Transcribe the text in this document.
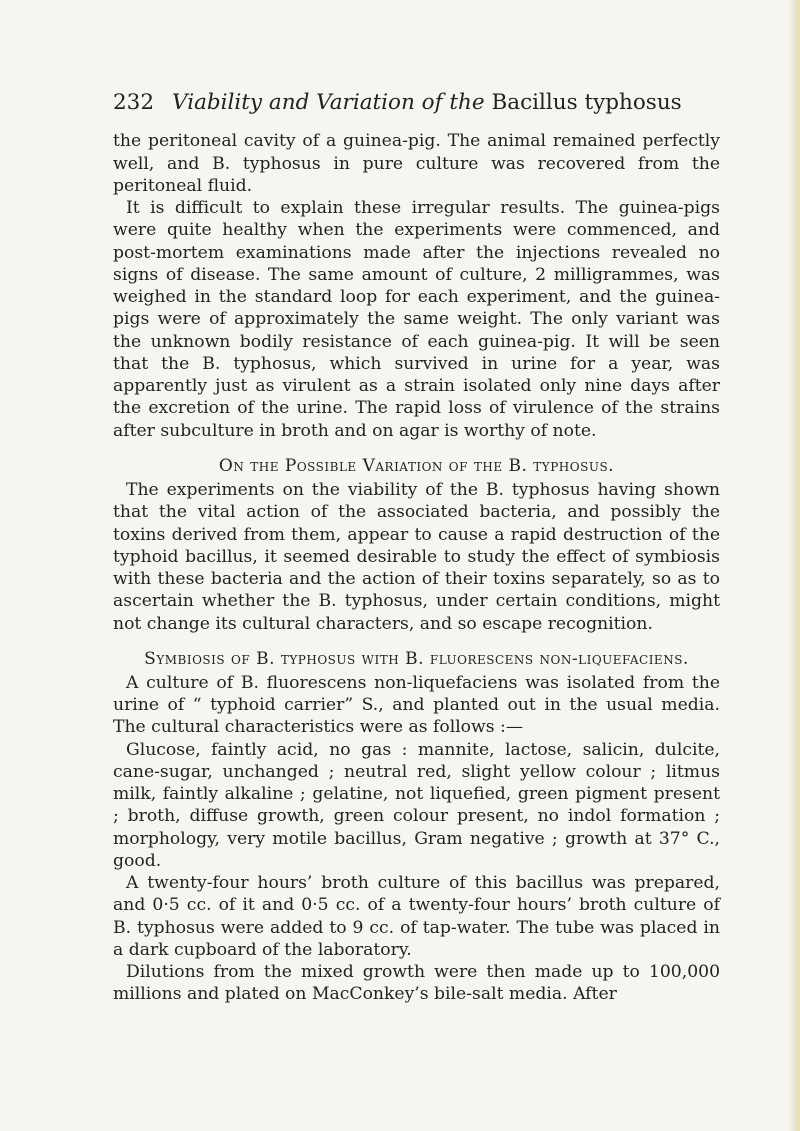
232 Viability and Variation of the Bacillus typhosus

the peritoneal cavity of a guinea-pig. The animal remained perfectly well, and B. typhosus in pure culture was recovered from the peritoneal fluid.

It is difficult to explain these irregular results. The guinea-pigs were quite healthy when the experiments were commenced, and post-mortem examinations made after the injections revealed no signs of disease. The same amount of culture, 2 milligrammes, was weighed in the standard loop for each experiment, and the guinea-pigs were of approximately the same weight. The only variant was the unknown bodily resistance of each guinea-pig. It will be seen that the B. typhosus, which survived in urine for a year, was apparently just as virulent as a strain isolated only nine days after the excretion of the urine. The rapid loss of virulence of the strains after subculture in broth and on agar is worthy of note.

On the Possible Variation of the B. typhosus.

The experiments on the viability of the B. typhosus having shown that the vital action of the associated bacteria, and possibly the toxins derived from them, appear to cause a rapid destruction of the typhoid bacillus, it seemed desirable to study the effect of symbiosis with these bacteria and the action of their toxins separately, so as to ascertain whether the B. typhosus, under certain conditions, might not change its cultural characters, and so escape recognition.

Symbiosis of B. typhosus with B. fluorescens non-liquefaciens.

A culture of B. fluorescens non-liquefaciens was isolated from the urine of “ typhoid carrier” S., and planted out in the usual media. The cultural characteristics were as follows :—

Glucose, faintly acid, no gas : mannite, lactose, salicin, dulcite, cane-sugar, unchanged ; neutral red, slight yellow colour ; litmus milk, faintly alkaline ; gelatine, not liquefied, green pigment present ; broth, diffuse growth, green colour present, no indol formation ; morphology, very motile bacillus, Gram negative ; growth at 37° C., good.

A twenty-four hours’ broth culture of this bacillus was prepared, and 0·5 cc. of it and 0·5 cc. of a twenty-four hours’ broth culture of B. typhosus were added to 9 cc. of tap-water. The tube was placed in a dark cupboard of the laboratory.

Dilutions from the mixed growth were then made up to 100,000 millions and plated on MacConkey’s bile-salt media. After
